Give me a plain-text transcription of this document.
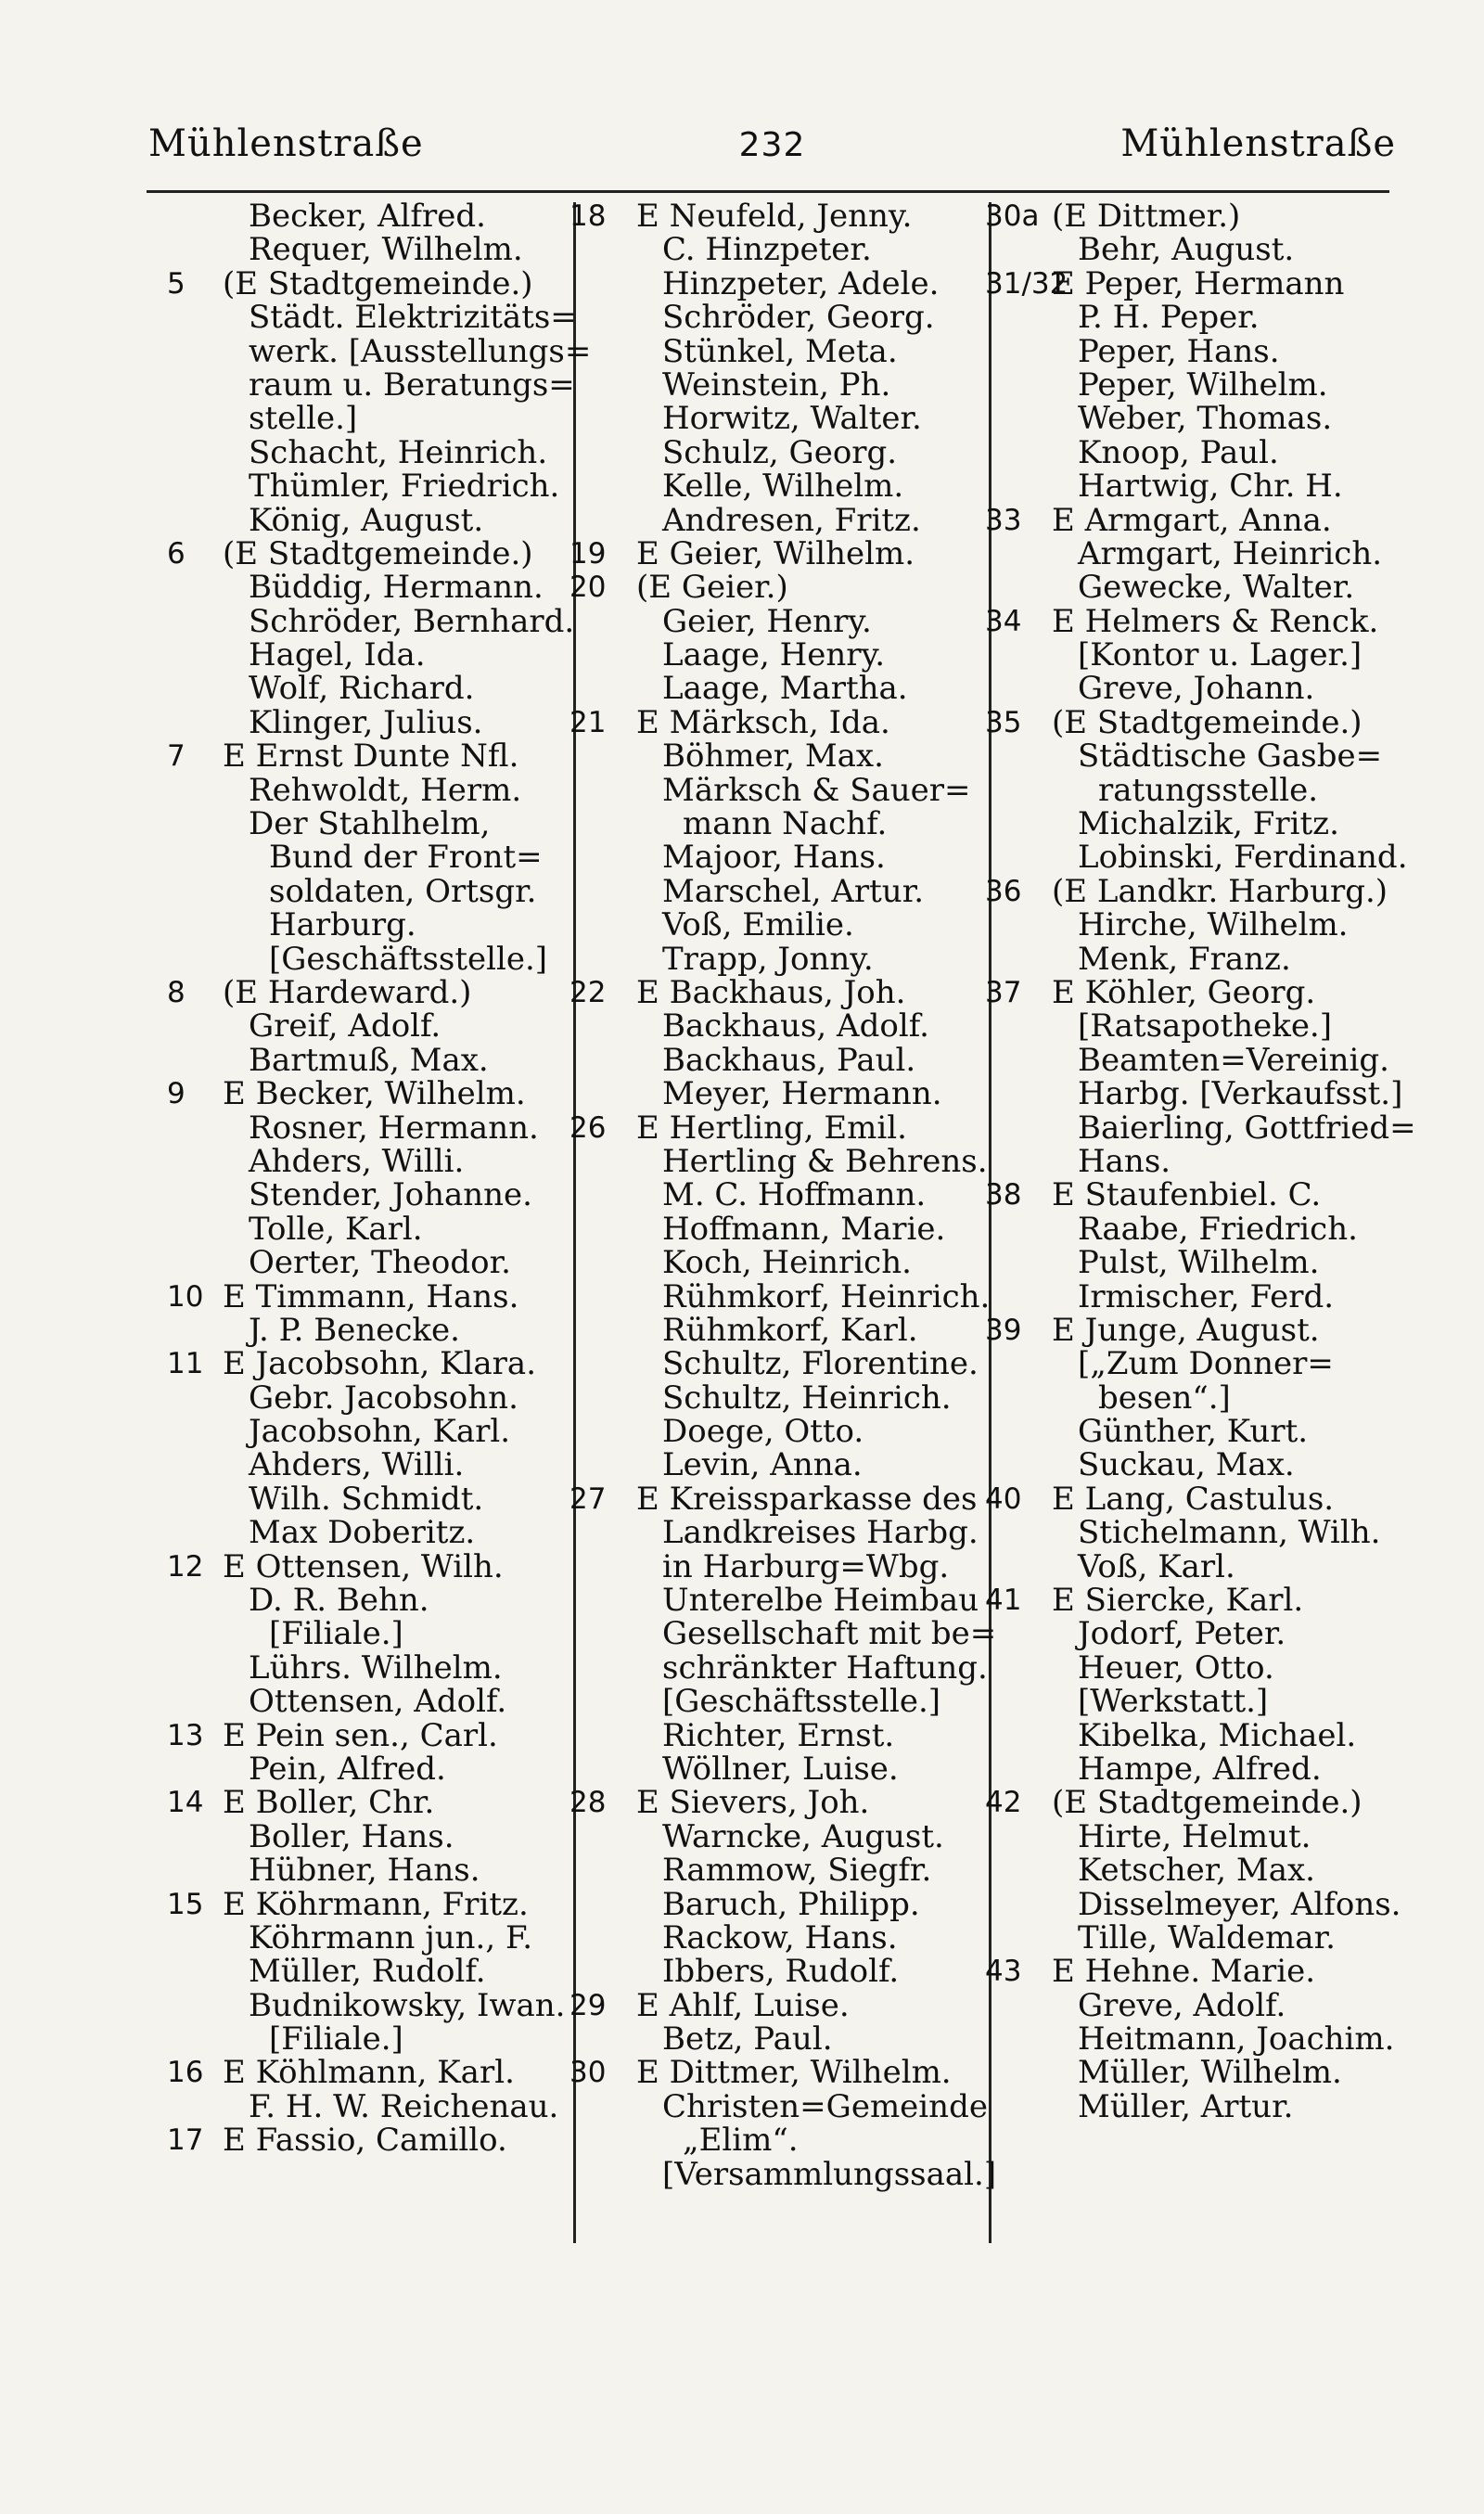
Mühlenstraße	232	Mühlenstraße
Becker, Alfred.
Requer, Wilhelm.
5	(E Stadtgemeinde.)
Städt. Elektrizitäts=
werk. [Ausstellungs=
raum u. Beratungs=
stelle.]
Schacht, Heinrich.
Thümler, Friedrich.
König, August.
6	(E Stadtgemeinde.)
Büddig, Hermann.
Schröder, Bernhard.
Hagel, Ida.
Wolf, Richard.
Klinger, Julius.
7	E Ernst Dunte Nfl.
Rehwoldt, Herm.
Der Stahlhelm,
Bund der Front=
soldaten, Ortsgr.
Harburg.
[Geschäftsstelle.]
8	(E Hardeward.)
Greif, Adolf.
Bartmuß, Max.
9	E Becker, Wilhelm.
Rosner, Hermann.
Ahders, Willi.
Stender, Johanne.
Tolle, Karl.
Oerter, Theodor.
10 E Timmann, Hans.
J. P. Benecke.
11 E Jacobsohn, Klara.
Gebr. Jacobsohn.
Jacobsohn, Karl.
Ahders, Willi.
Wilh. Schmidt.
Max Doberitz.
12 E Ottensen, Wilh.
D. R. Behn.
[Filiale.]
Lührs. Wilhelm.
Ottensen, Adolf.
13 E Pein sen., Carl.
Pein, Alfred.
14 E Boller, Chr.
Boller, Hans.
Hübner, Hans.
15 E Köhrmann, Fritz.
Köhrmann jun., F.
Müller, Rudolf.
Budnikowsky, Iwan.
[Filiale.]
16 E Köhlmann, Karl.
F. H. W. Reichenau.
17 E Fassio, Camillo.
18 E Neufeld, Jenny.
C. Hinzpeter.
Hinzpeter, Adele.
Schröder, Georg.
Stünkel, Meta.
Weinstein, Ph.
Horwitz, Walter.
Schulz, Georg.
Kelle, Wilhelm.
Andresen, Fritz.
19 E Geier, Wilhelm.
20 (E Geier.)
Geier, Henry.
Laage, Henry.
Laage, Martha.
21 E Märksch, Ida.
Böhmer, Max.
Märksch & Sauer=
mann Nachf.
Majoor, Hans.
Marschel, Artur.
Voß, Emilie.
Trapp, Jonny.
22 E Backhaus, Joh.
Backhaus, Adolf.
Backhaus, Paul.
Meyer, Hermann.
26 E Hertling, Emil.
Hertling & Behrens.
M. C. Hoffmann.
Hoffmann, Marie.
Koch, Heinrich.
Rühmkorf, Heinrich.
Rühmkorf, Karl.
Schultz, Florentine.
Schultz, Heinrich.
Doege, Otto.
Levin, Anna.
27 E Kreissparkasse des
Landkreises Harbg.
in Harburg=Wbg.
Unterelbe Heimbau
Gesellschaft mit be=
schränkter Haftung.
[Geschäftsstelle.]
Richter, Ernst.
Wöllner, Luise.
28 E Sievers, Joh.
Warncke, August.
Rammow, Siegfr.
Baruch, Philipp.
Rackow, Hans.
Ibbers, Rudolf.
29 E Ahlf, Luise.
Betz, Paul.
30 E Dittmer, Wilhelm.
Christen=Gemeinde
„Elim“.
[Versammlungssaal.]
30a (E Dittmer.)
Behr, August.
31/32
E Peper, Hermann
P. H. Peper.
Peper, Hans.
Peper, Wilhelm.
Weber, Thomas.
Knoop, Paul.
Hartwig, Chr. H.
33 E Armgart, Anna.
Armgart, Heinrich.
Gewecke, Walter.
34 E Helmers & Renck.
[Kontor u. Lager.]
Greve, Johann.
35 (E Stadtgemeinde.)
Städtische Gasbe=
ratungsstelle.
Michalzik, Fritz.
Lobinski, Ferdinand.
36 (E Landkr. Harburg.)
Hirche, Wilhelm.
Menk, Franz.
37 E Köhler, Georg.
[Ratsapotheke.]
Beamten=Vereinig.
Harbg. [Verkaufsst.]
Baierling, Gottfried=
Hans.
38 E Staufenbiel. C.
Raabe, Friedrich.
Pulst, Wilhelm.
Irmischer, Ferd.
39 E Junge, August.
[„Zum Donner=
besen“.]
Günther, Kurt.
Suckau, Max.
40 E Lang, Castulus.
Stichelmann, Wilh.
Voß, Karl.
41 E Siercke, Karl.
Jodorf, Peter.
Heuer, Otto.
[Werkstatt.]
Kibelka, Michael.
Hampe, Alfred.
42 (E Stadtgemeinde.)
Hirte, Helmut.
Ketscher, Max.
Disselmeyer, Alfons.
Tille, Waldemar.
43 E Hehne. Marie.
Greve, Adolf.
Heitmann, Joachim.
Müller, Wilhelm.
Müller, Artur.
